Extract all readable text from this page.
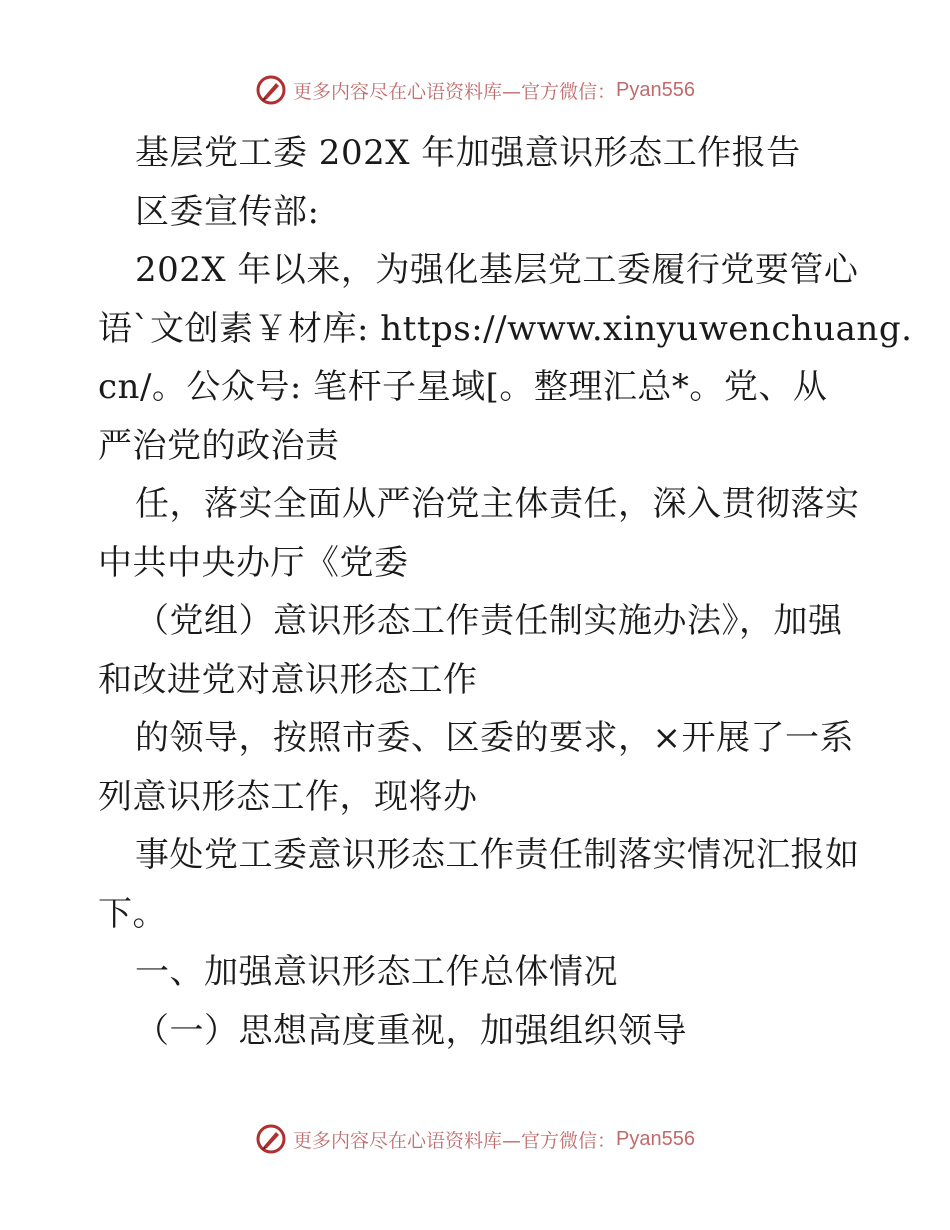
更多内容尽在心语资料库—官方微信： Pyan556
基层党工委 202X 年加强意识形态工作报告
区委宣传部:
202X 年以来，为强化基层党工委履行党要管心
语`文创素￥材库: https://www.xinyuwenchuang.
cn/。公众号: 笔杆子星域[。整理汇总*。党、从
严治党的政治责
任，落实全面从严治党主体责任，深入贯彻落实
中共中央办厅《党委
（党组）意识形态工作责任制实施办法》，加强
和改进党对意识形态工作
的领导，按照市委、区委的要求，×开展了一系
列意识形态工作，现将办
事处党工委意识形态工作责任制落实情况汇报如
下。
一、加强意识形态工作总体情况
（一）思想高度重视，加强组织领导
更多内容尽在心语资料库—官方微信： Pyan556
